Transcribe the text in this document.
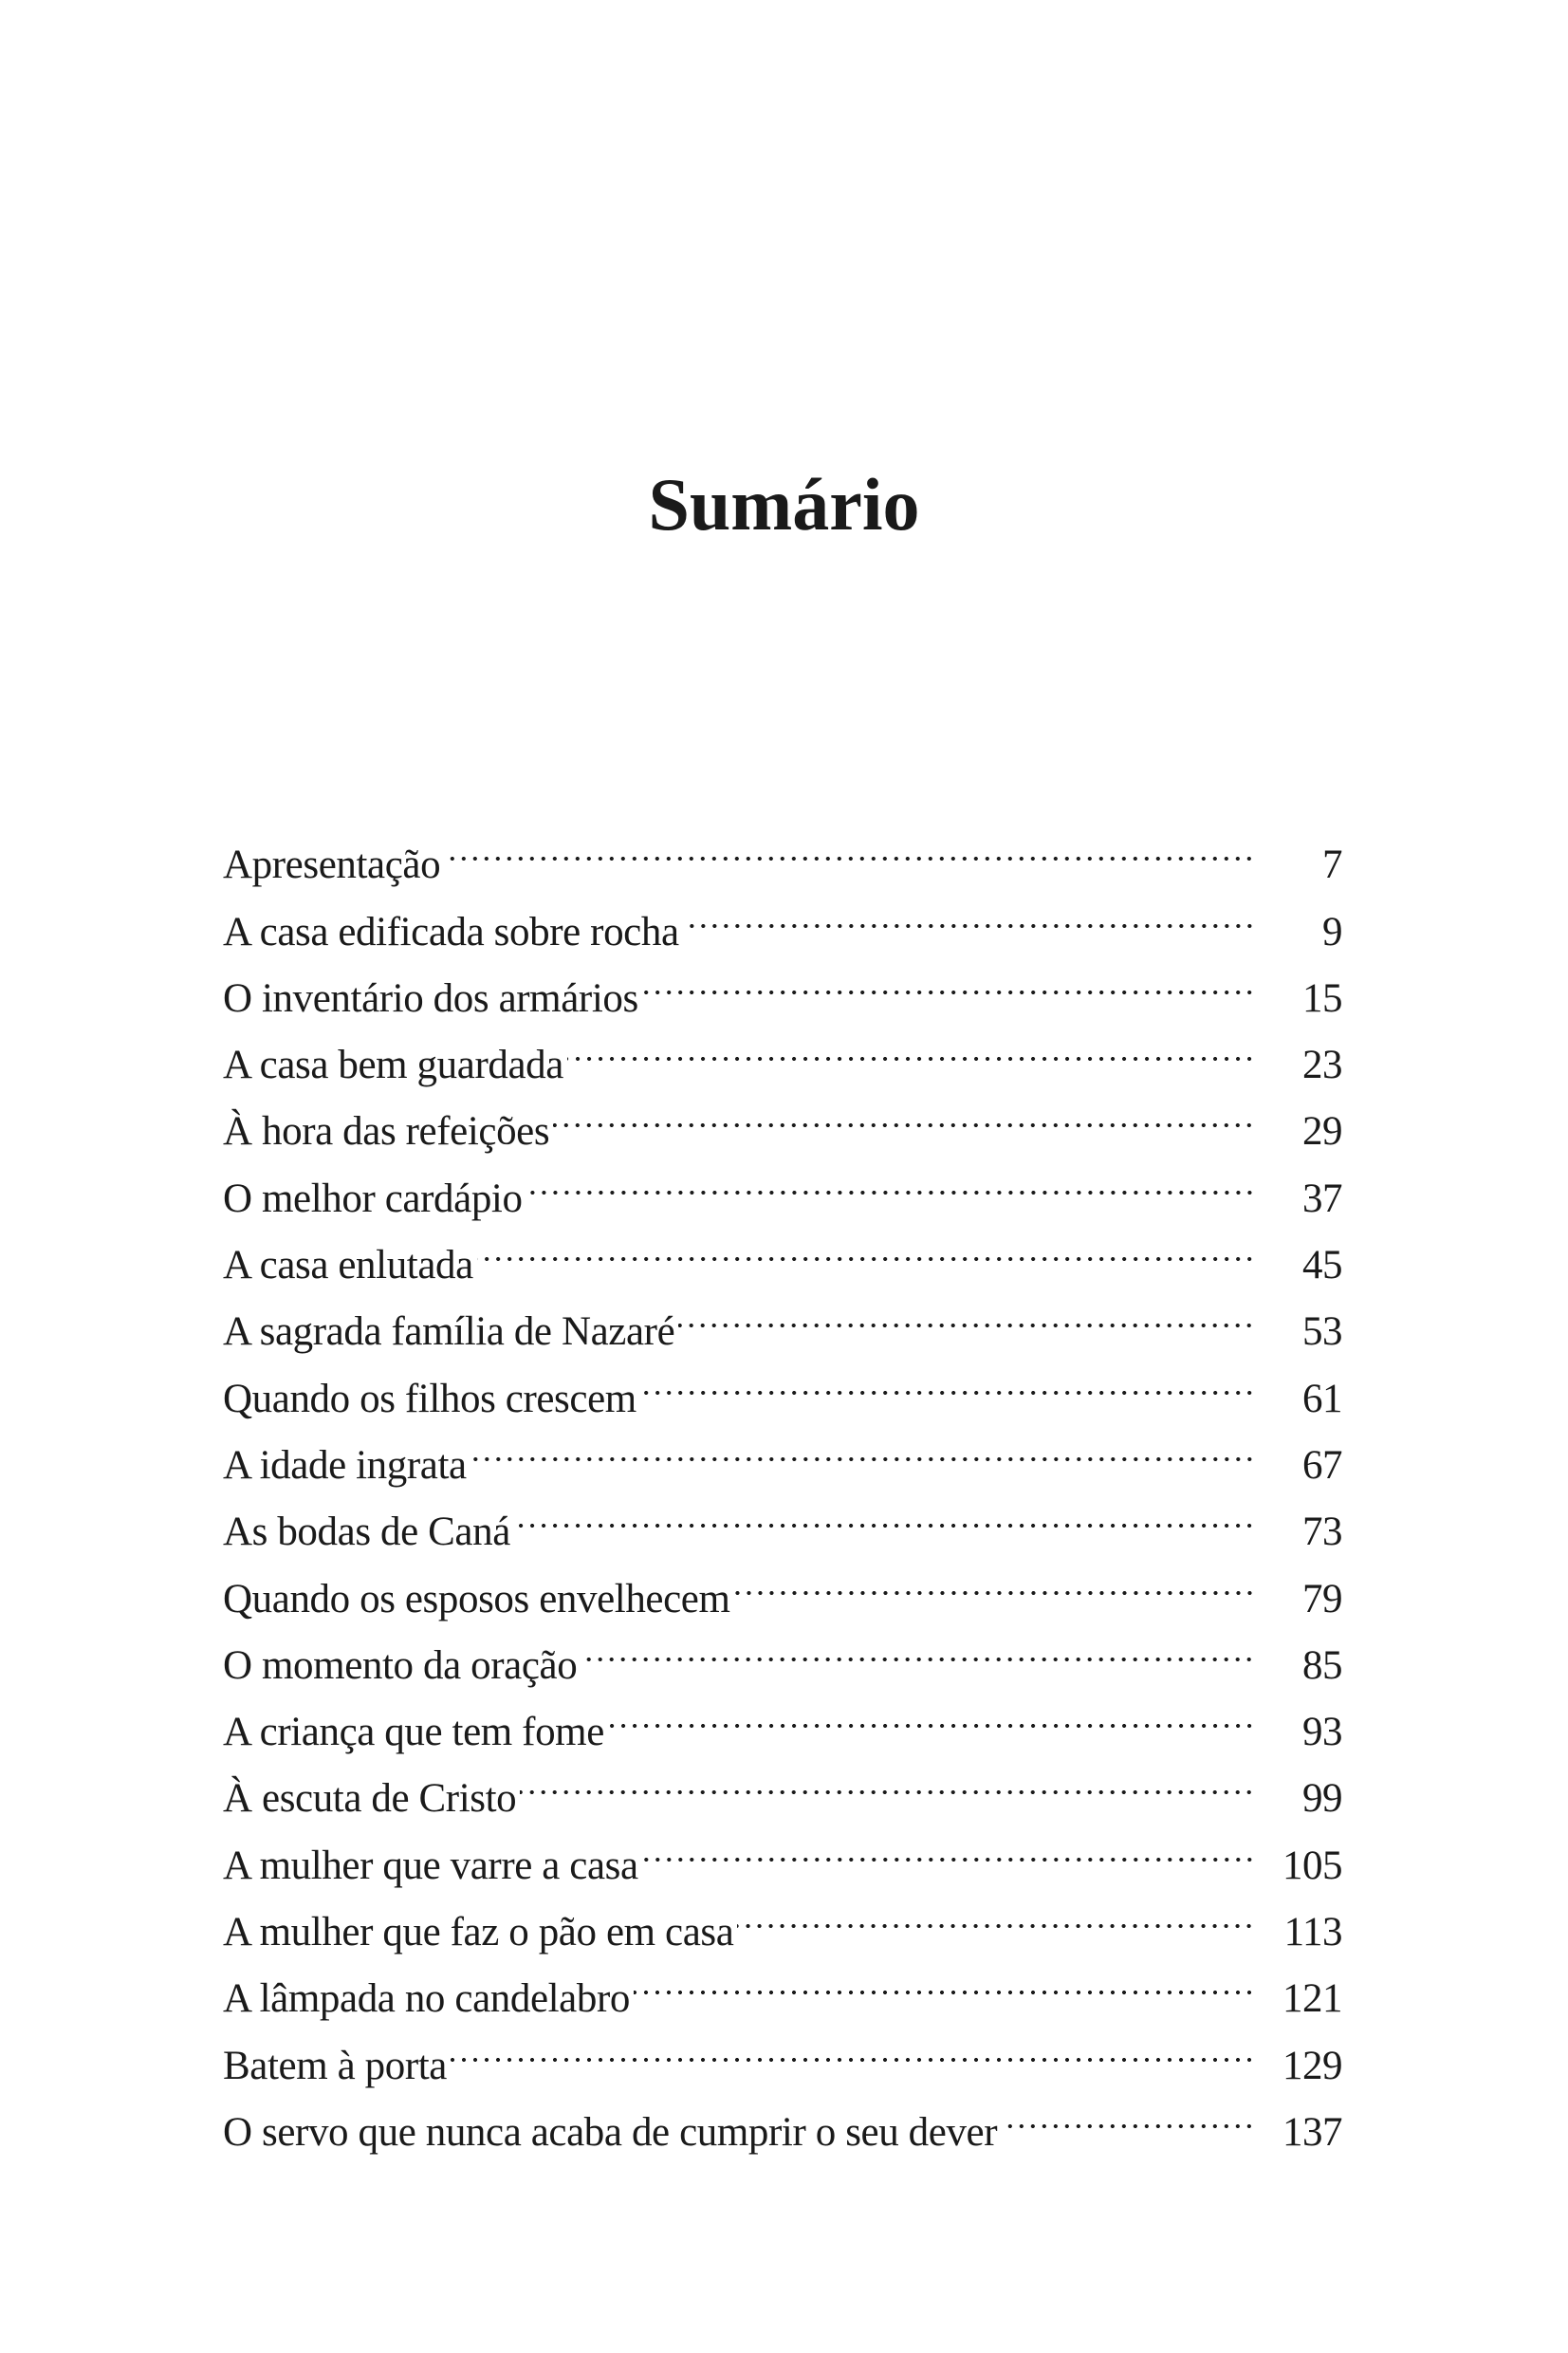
Sumário
Apresentação	7
A casa edificada sobre rocha	9
O inventário dos armários	15
A casa bem guardada	23
À hora das refeições	29
O melhor cardápio	37
A casa enlutada	45
A sagrada família de Nazaré	53
Quando os filhos crescem	61
A idade ingrata	67
As bodas de Caná	73
Quando os esposos envelhecem	79
O momento da oração	85
A criança que tem fome	93
À escuta de Cristo	99
A mulher que varre a casa	105
A mulher que faz o pão em casa	113
A lâmpada no candelabro	121
Batem à porta	129
O servo que nunca acaba de cumprir o seu dever	137
